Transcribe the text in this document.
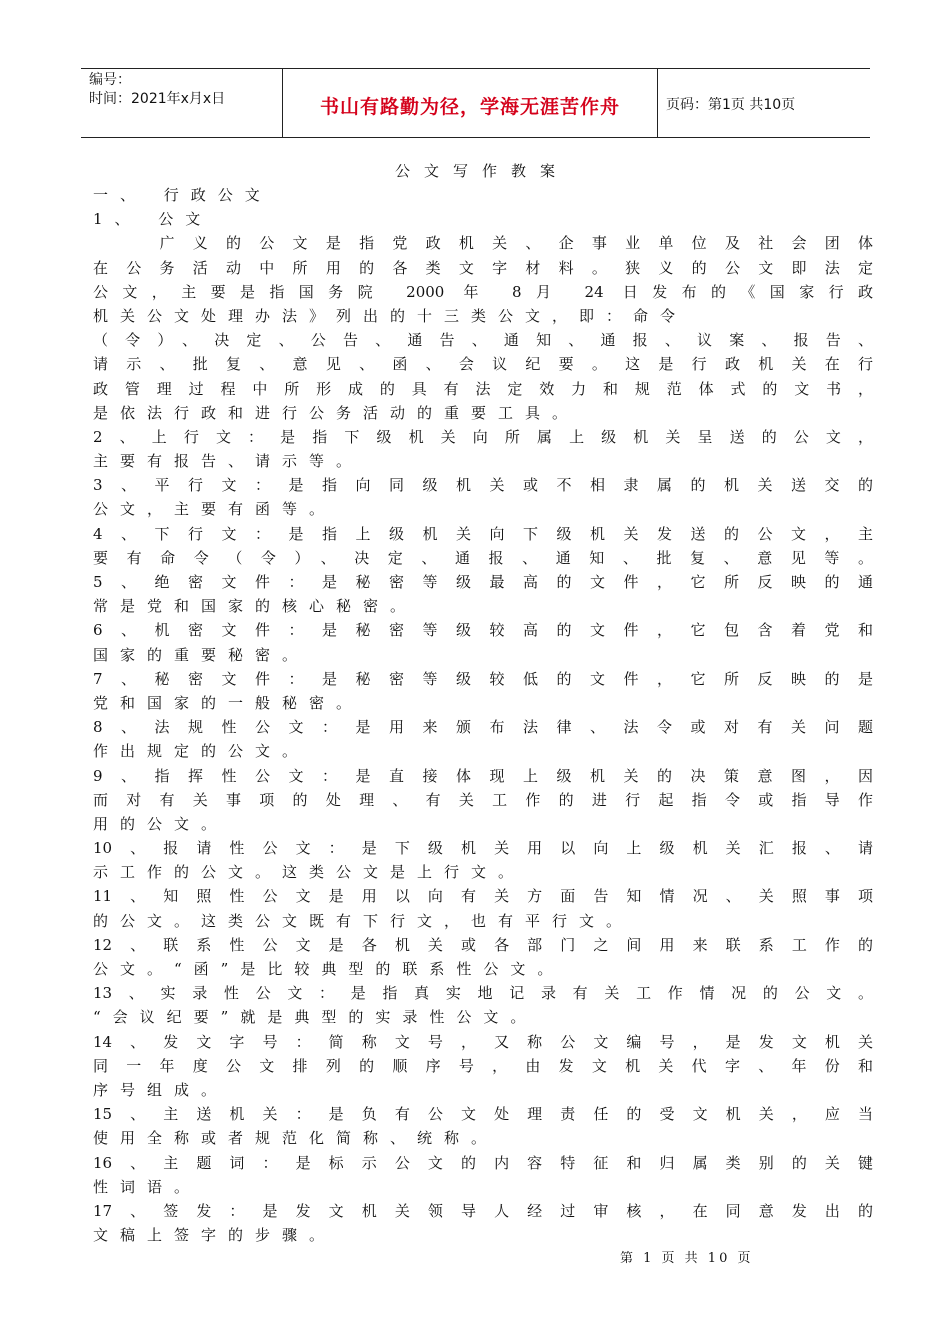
编号：
时间：2021年x月x日	书山有路勤为径，学海无涯苦作舟	页码：第1页 共10页
公文写作教案
一、 行政公文
1、 公文
　　广义的公文是指党政机关、企事业单位及社会团体
在公务活动中所用的各类文字材料。狭义的公文即法定
公文，主要是指国务院 2000 年 8月 24 日发布的《国家行政
机关公文处理办法》列出的十三类公文，即：命令
（令）、决定、公告、通告、通知、通报、议案、报告、
请示、批复、意见、函、会议纪要。这是行政机关在行
政管理过程中所形成的具有法定效力和规范体式的文书，
是依法行政和进行公务活动的重要工具。
2、上行文：是指下级机关向所属上级机关呈送的公文，
主要有报告、请示等。
3、平行文：是指向同级机关或不相隶属的机关送交的
公文，主要有函等。
4、下行文：是指上级机关向下级机关发送的公文，主
要有命令（令）、决定、通报、通知、批复、意见等。
5、绝密文件：是秘密等级最高的文件，它所反映的通
常是党和国家的核心秘密。
6、机密文件：是秘密等级较高的文件，它包含着党和
国家的重要秘密。
7、秘密文件：是秘密等级较低的文件，它所反映的是
党和国家的一般秘密。
8、法规性公文：是用来颁布法律、法令或对有关问题
作出规定的公文。
9、指挥性公文：是直接体现上级机关的决策意图，因
而对有关事项的处理、有关工作的进行起指令或指导作
用的公文。
10、报请性公文：是下级机关用以向上级机关汇报、请
示工作的公文。这类公文是上行文。
11、知照性公文是用以向有关方面告知情况、关照事项
的公文。这类公文既有下行文，也有平行文。
12、联系性公文是各机关或各部门之间用来联系工作的
公文。“函”是比较典型的联系性公文。
13、实录性公文：是指真实地记录有关工作情况的公文。
“会议纪要”就是典型的实录性公文。
14、发文字号：简称文号，又称公文编号，是发文机关
同一年度公文排列的顺序号，由发文机关代字、年份和
序号组成。
15、主送机关：是负有公文处理责任的受文机关，应当
使用全称或者规范化简称、统称。
16、主题词：是标示公文的内容特征和归属类别的关键
性词语。
17、签发：是发文机关领导人经过审核，在同意发出的
文稿上签字的步骤。
第 1 页 共 10 页
